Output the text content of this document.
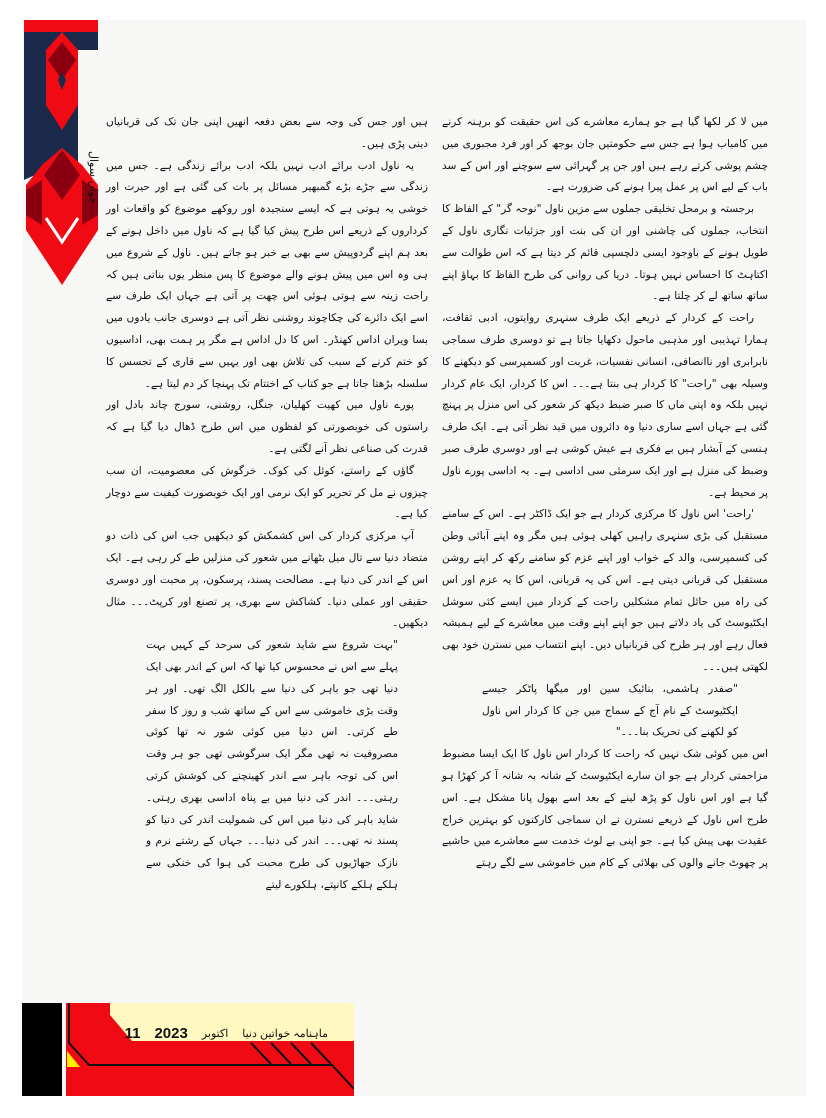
جوان سوال

میں لا کر لکھا گیا ہے جو ہمارے معاشرے کی اس حقیقت کو برہنہ کرنے میں کامیاب ہوا ہے جس سے حکومتیں جان بوجھ کر اور فرد مجبوری میں چشم پوشی کرتے رہے ہیں اور جن پر گہرائی سے سوچنے اور اس کے سد باب کے لیے اس پر عمل پیرا ہونے کی ضرورت ہے۔

برجستہ و برمحل تخلیقی جملوں سے مزین ناول "نوحہ گر" کے الفاظ کا انتخاب، جملوں کی چاشنی اور ان کی بنت اور جزئیات نگاری ناول کے طویل ہونے کے باوجود ایسی دلچسپی قائم کر دیتا ہے کہ اس طوالت سے اکتاہٹ کا احساس نہیں ہوتا۔ دریا کی روانی کی طرح الفاظ کا بہاؤ اپنے ساتھ ساتھ لے کر چلتا ہے۔

راحت کے کردار کے ذریعے ایک طرف سنہری روایتوں، ادبی ثقافت، ہمارا تہذیبی اور مذہبی ماحول دکھایا جاتا ہے تو دوسری طرف سماجی نابرابری اور ناانصافی، انسانی نفسیات، غربت اور کسمپرسی کو دیکھنے کا وسیلہ بھی "راحت" کا کردار ہی بنتا ہے۔۔۔ اس کا کردار، ایک عام کردار نہیں بلکہ وہ اپنی ماں کا صبر ضبط دیکھ کر شعور کی اس منزل پر پہنچ گئی ہے جہاں اسے ساری دنیا وہ دائروں میں قید نظر آتی ہے۔ ایک طرف ہنسی کے آبشار ہیں بے فکری ہے عیش کوشی ہے اور دوسری طرف صبر وضبط کی منزل ہے اور ایک سرمئی سی اداسی ہے۔ یہ اداسی پورے ناول پر محیط ہے۔

'راحت' اس ناول کا مرکزی کردار ہے جو ایک ڈاکٹر ہے۔ اس کے سامنے مستقبل کی بڑی سنہری راہیں کھلی ہوئی ہیں مگر وہ اپنے آبائی وطن کی کسمپرسی، والد کے خواب اور اپنے عزم کو سامنے رکھ کر اپنے روشن مستقبل کی قربانی دیتی ہے۔ اس کی یہ قربانی، اس کا یہ عزم اور اس کی راہ میں حائل تمام مشکلیں راحت کے کردار میں ایسے کئی سوشل ایکٹیوسٹ کی یاد دلاتے ہیں جو اپنے اپنے وقت میں معاشرے کے لیے ہمیشہ فعال رہے اور ہر طرح کی قربانیاں دیں۔ اپنے انتساب میں نسترن خود بھی لکھتی ہیں۔۔۔

"صفدر ہاشمی، بنائیک سین اور میگھا پاٹکر جیسے ایکٹیوسٹ کے نام آج کے سماج میں جن کا کردار اس ناول کو لکھنے کی تحریک بنا۔۔۔"

اس میں کوئی شک نہیں کہ راحت کا کردار اس ناول کا ایک ایسا مضبوط مزاحمتی کردار ہے جو ان سارے ایکٹیوسٹ کے شانہ بہ شانہ آ کر کھڑا ہو گیا ہے اور اس ناول کو پڑھ لینے کے بعد اسے بھول پانا مشکل ہے۔ اس طرح اس ناول کے ذریعے نسترن نے ان سماجی کارکنوں کو بہترین خراج عقیدت بھی پیش کیا ہے۔ جو اپنی بے لوث خدمت سے معاشرے میں حاشیے پر چھوٹ جانے والوں کی بھلائی کے کام میں خاموشی سے لگے رہتے

ہیں اور جس کی وجہ سے بعض دفعہ انھیں اپنی جان تک کی قربانیاں دینی پڑی ہیں۔

یہ ناول ادب برائے ادب نہیں بلکہ ادب برائے زندگی ہے۔ جس میں زندگی سے جڑے بڑے گمبھیر مسائل پر بات کی گئی ہے اور حیرت اور خوشی یہ ہوتی ہے کہ ایسے سنجیدہ اور روکھے موضوع کو واقعات اور کرداروں کے ذریعے اس طرح پیش کیا گیا ہے کہ ناول میں داخل ہونے کے بعد ہم اپنے گردوپیش سے بھی بے خبر ہو جاتے ہیں۔ ناول کے شروع میں ہی وہ اس میں پیش ہونے والے موضوع کا پس منظر یوں بناتی ہیں کہ راحت زینہ سے ہوتی ہوئی اس چھت پر آتی ہے جہاں ایک طرف سے اسے ایک دائرے کی چکاچوند روشنی نظر آتی ہے دوسری جانب یادوں میں بسا ویران اداس کھنڈر۔ اس کا دل اداس ہے مگر پر ہمت بھی، اداسیوں کو ختم کرنے کے سبب کی تلاش بھی اور یہیں سے قاری کے تجسس کا سلسلہ بڑھتا جاتا ہے جو کتاب کے اختتام تک پہنچا کر دم لیتا ہے۔

پورے ناول میں کھیت کھلیان، جنگل، روشنی، سورج چاند بادل اور راستوں کی خوبصورتی کو لفظوں میں اس طرح ڈھال دیا گیا ہے کہ قدرت کی صناعی نظر آنے لگتی ہے۔

گاؤں کے راستے، کوئل کی کوک۔ خرگوش کی معصومیت، ان سب چیزوں نے مل کر تحریر کو ایک نرمی اور ایک خوبصورت کیفیت سے دوچار کیا ہے۔

آپ مرکزی کردار کی اس کشمکش کو دیکھیں جب اس کی ذات دو متضاد دنیا سے تال میل بٹھانے میں شعور کی منزلیں طے کر رہی ہے۔ ایک اس کے اندر کی دنیا ہے۔ مصالحت پسند، پرسکون، پر محبت اور دوسری حقیقی اور عملی دنیا۔ کشاکش سے بھری، پر تصنع اور کرپٹ۔۔۔ مثال دیکھیں۔

"بہت شروع سے شاید شعور کی سرحد کے کہیں بہت پہلے سے اس نے محسوس کیا تھا کہ اس کے اندر بھی ایک دنیا تھی جو باہر کی دنیا سے بالکل الگ تھی۔ اور ہر وقت بڑی خاموشی سے اس کے ساتھ شب و روز کا سفر طے کرتی۔ اس دنیا میں کوئی شور نہ تھا کوئی مصروفیت نہ تھی مگر ایک سرگوشی تھی جو ہر وقت اس کی توجہ باہر سے اندر کھینچنے کی کوشش کرتی رہتی۔۔۔ اندر کی دنیا میں بے پناہ اداسی بھری رہتی۔ شاید باہر کی دنیا میں اس کی شمولیت اندر کی دنیا کو پسند نہ تھی۔۔۔ اندر کی دنیا۔۔۔ جہاں کے رشتے نرم و نازک جھاڑیوں کی طرح محبت کی ہوا کی خنکی سے ہلکے ہلکے کانپتے، ہلکورے لیتے

ماہنامہ خواتین دنیا
اکتوبر
2023
11
